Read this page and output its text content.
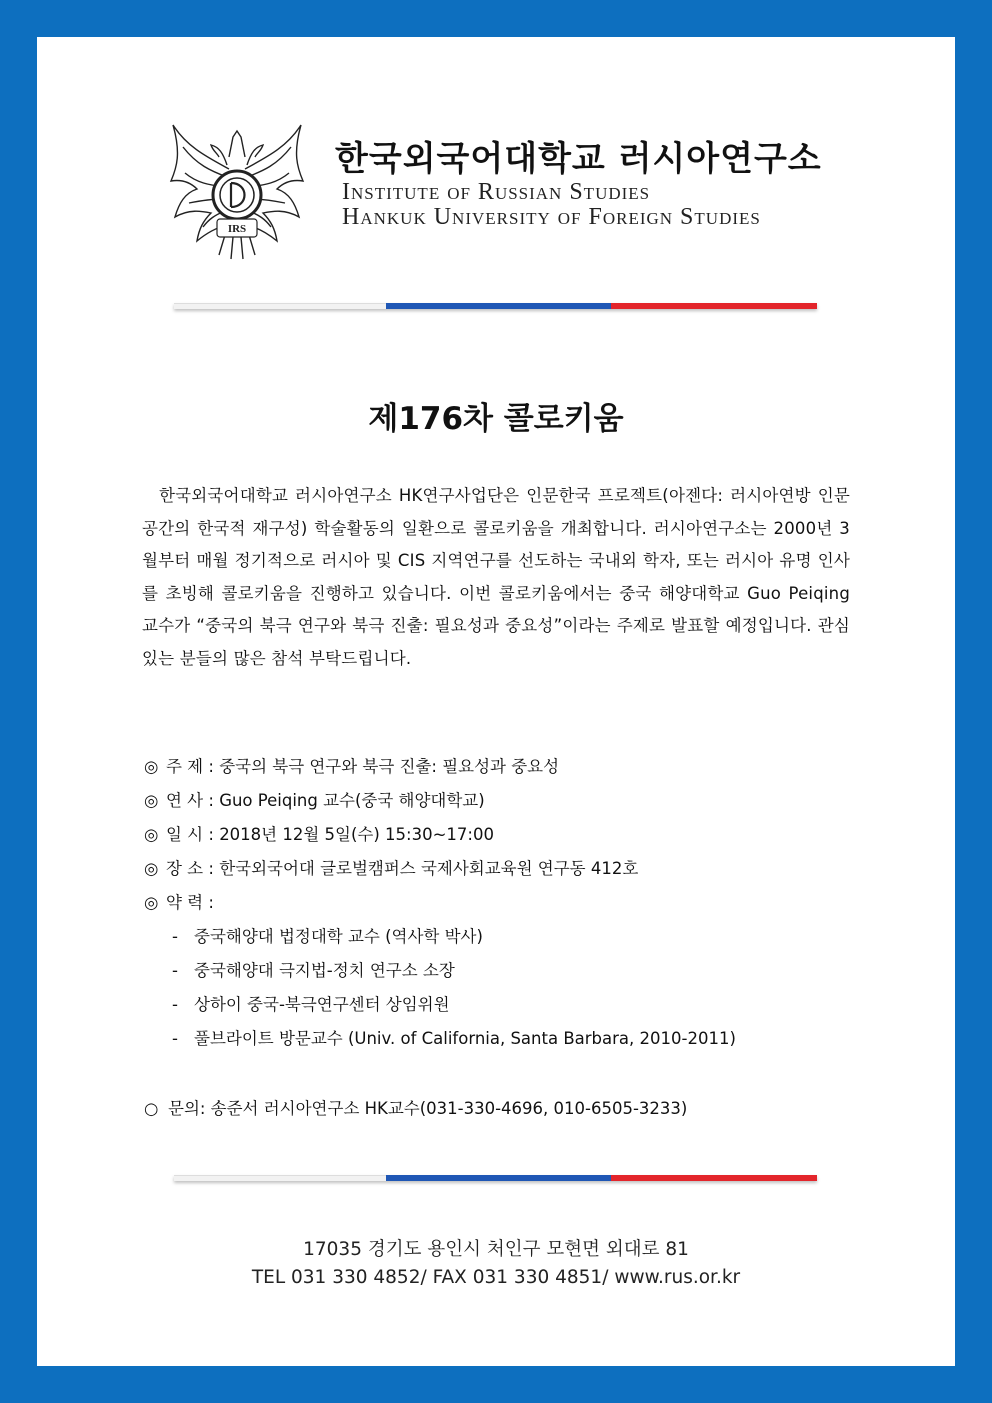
IRS
한국외국어대학교 러시아연구소
Institute of Russian Studies
Hankuk University of Foreign Studies
제176차 콜로키움

한국외국어대학교 러시아연구소 HK연구사업단은 인문한국 프로젝트(아젠다: 러시아연방 인문공간의 한국적 재구성) 학술활동의 일환으로 콜로키움을 개최합니다. 러시아연구소는 2000년 3월부터 매월 정기적으로 러시아 및 CIS 지역연구를 선도하는 국내외 학자, 또는 러시아 유명 인사를 초빙해 콜로키움을 진행하고 있습니다. 이번 콜로키움에서는 중국 해양대학교 Guo Peiqing 교수가 “중국의 북극 연구와 북극 진출: 필요성과 중요성”이라는 주제로 발표할 예정입니다. 관심 있는 분들의 많은 참석 부탁드립니다.

◎ 주 제 : 중국의 북극 연구와 북극 진출: 필요성과 중요성
◎ 연 사 : Guo Peiqing 교수(중국 해양대학교)
◎ 일 시 : 2018년 12월 5일(수) 15:30~17:00
◎ 장 소 : 한국외국어대 글로벌캠퍼스 국제사회교육원 연구동 412호
◎ 약 력 :
- 중국해양대 법정대학 교수 (역사학 박사)
- 중국해양대 극지법-정치 연구소 소장
- 상하이 중국-북극연구센터 상임위원
- 풀브라이트 방문교수 (Univ. of California, Santa Barbara, 2010-2011)
○ 문의: 송준서 러시아연구소 HK교수(031-330-4696, 010-6505-3233)
17035 경기도 용인시 처인구 모현면 외대로 81
TEL 031 330 4852/ FAX 031 330 4851/ www.rus.or.kr
